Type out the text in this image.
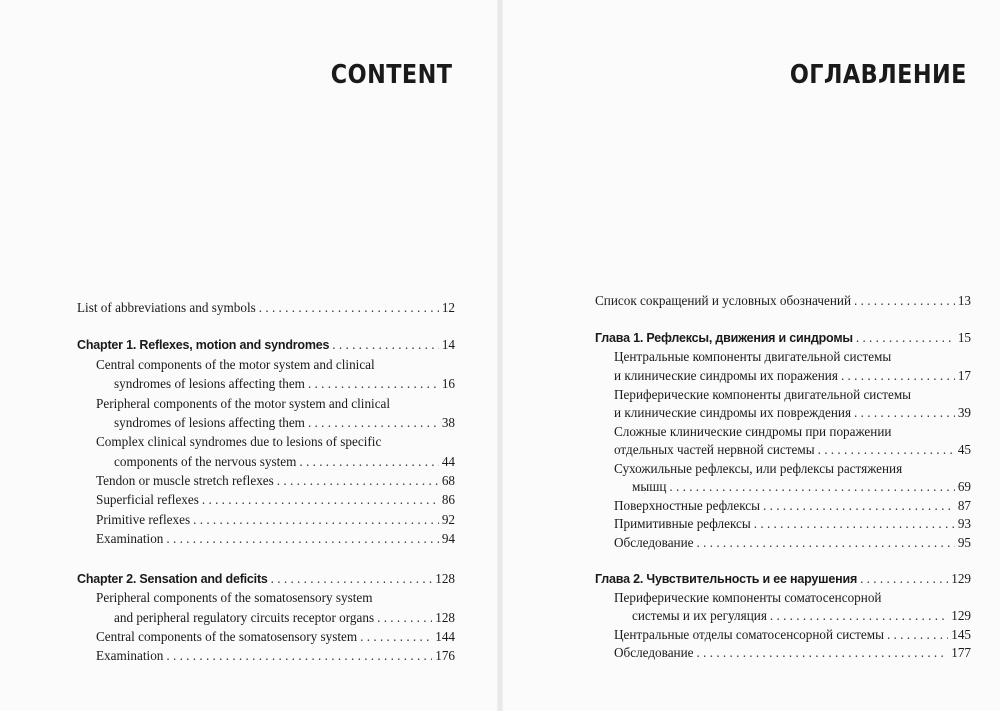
CONTENT
List of abbreviations and symbols . . .	12
Chapter 1. Reflexes, motion and syndromes . . .	14
Central components of the motor system and clinical
syndromes of lesions affecting them . . .	16
Peripheral components of the motor system and clinical
syndromes of lesions affecting them . . .	38
Complex clinical syndromes due to lesions of specific
components of the nervous system . . .	44
Tendon or muscle stretch reflexes . . .	68
Superficial reflexes . . .	86
Primitive reflexes . . .	92
Examination . . .	94
Chapter 2. Sensation and deficits . . .	128
Peripheral components of the somatosensory system
and peripheral regulatory circuits receptor organs . . .	128
Central components of the somatosensory system . . .	144
Examination . . .	176
ОГЛАВЛЕНИЕ
Список сокращений и условных обозначений . . .	13
Глава 1. Рефлексы, движения и синдромы . . .	15
Центральные компоненты двигательной системы
и клинические синдромы их поражения . . .	17
Периферические компоненты двигательной системы
и клинические синдромы их повреждения . . .	39
Сложные клинические синдромы при поражении
отдельных частей нервной системы . . .	45
Сухожильные рефлексы, или рефлексы растяжения
мышц . . .	69
Поверхностные рефлексы . . .	87
Примитивные рефлексы . . .	93
Обследование . . .	95
Глава 2. Чувствительность и ее нарушения . . .	129
Периферические компоненты соматосенсорной
системы и их регуляция . . .	129
Центральные отделы соматосенсорной системы . . .	145
Обследование . . .	177
